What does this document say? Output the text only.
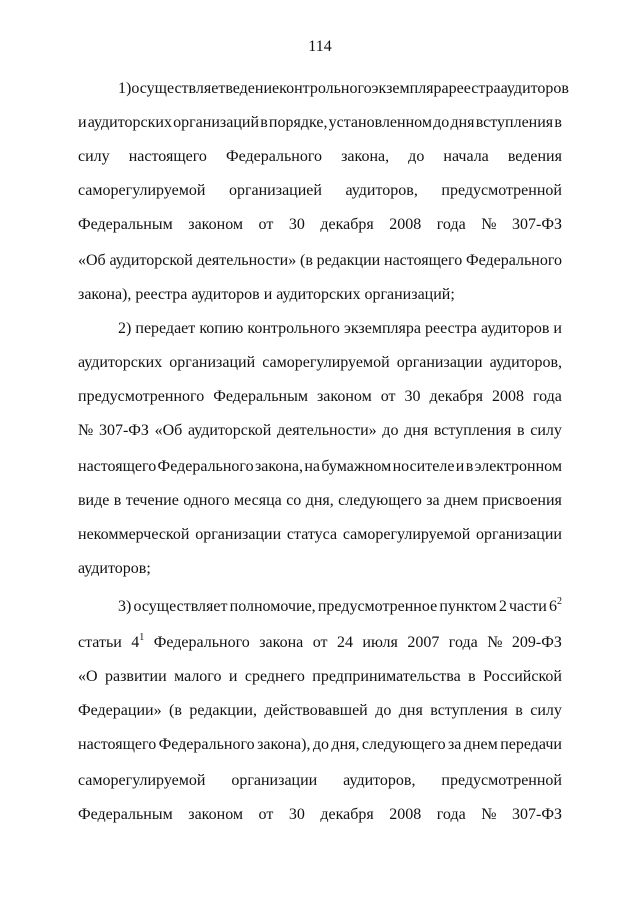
114
1) осуществляет ведение контрольного экземпляра реестра аудиторов
и аудиторских организаций в порядке, установленном до дня вступления в
силу настоящего Федерального закона, до начала ведения
саморегулируемой организацией аудиторов, предусмотренной
Федеральным законом от 30 декабря 2008 года № 307-ФЗ
«Об аудиторской деятельности» (в редакции настоящего Федерального
закона), реестра аудиторов и аудиторских организаций;
2) передает копию контрольного экземпляра реестра аудиторов и
аудиторских организаций саморегулируемой организации аудиторов,
предусмотренного Федеральным законом от 30 декабря 2008 года
№ 307-ФЗ «Об аудиторской деятельности» до дня вступления в силу
настоящего Федерального закона, на бумажном носителе и в электронном
виде в течение одного месяца со дня, следующего за днем присвоения
некоммерческой организации статуса саморегулируемой организации
аудиторов;
3) осуществляет полномочие, предусмотренное пунктом 2 части $6^2$
статьи $4^1$ Федерального закона от 24 июля 2007 года № 209-ФЗ
«О развитии малого и среднего предпринимательства в Российской
Федерации» (в редакции, действовавшей до дня вступления в силу
настоящего Федерального закона), до дня, следующего за днем передачи
саморегулируемой организации аудиторов, предусмотренной
Федеральным законом от 30 декабря 2008 года № 307-ФЗ
